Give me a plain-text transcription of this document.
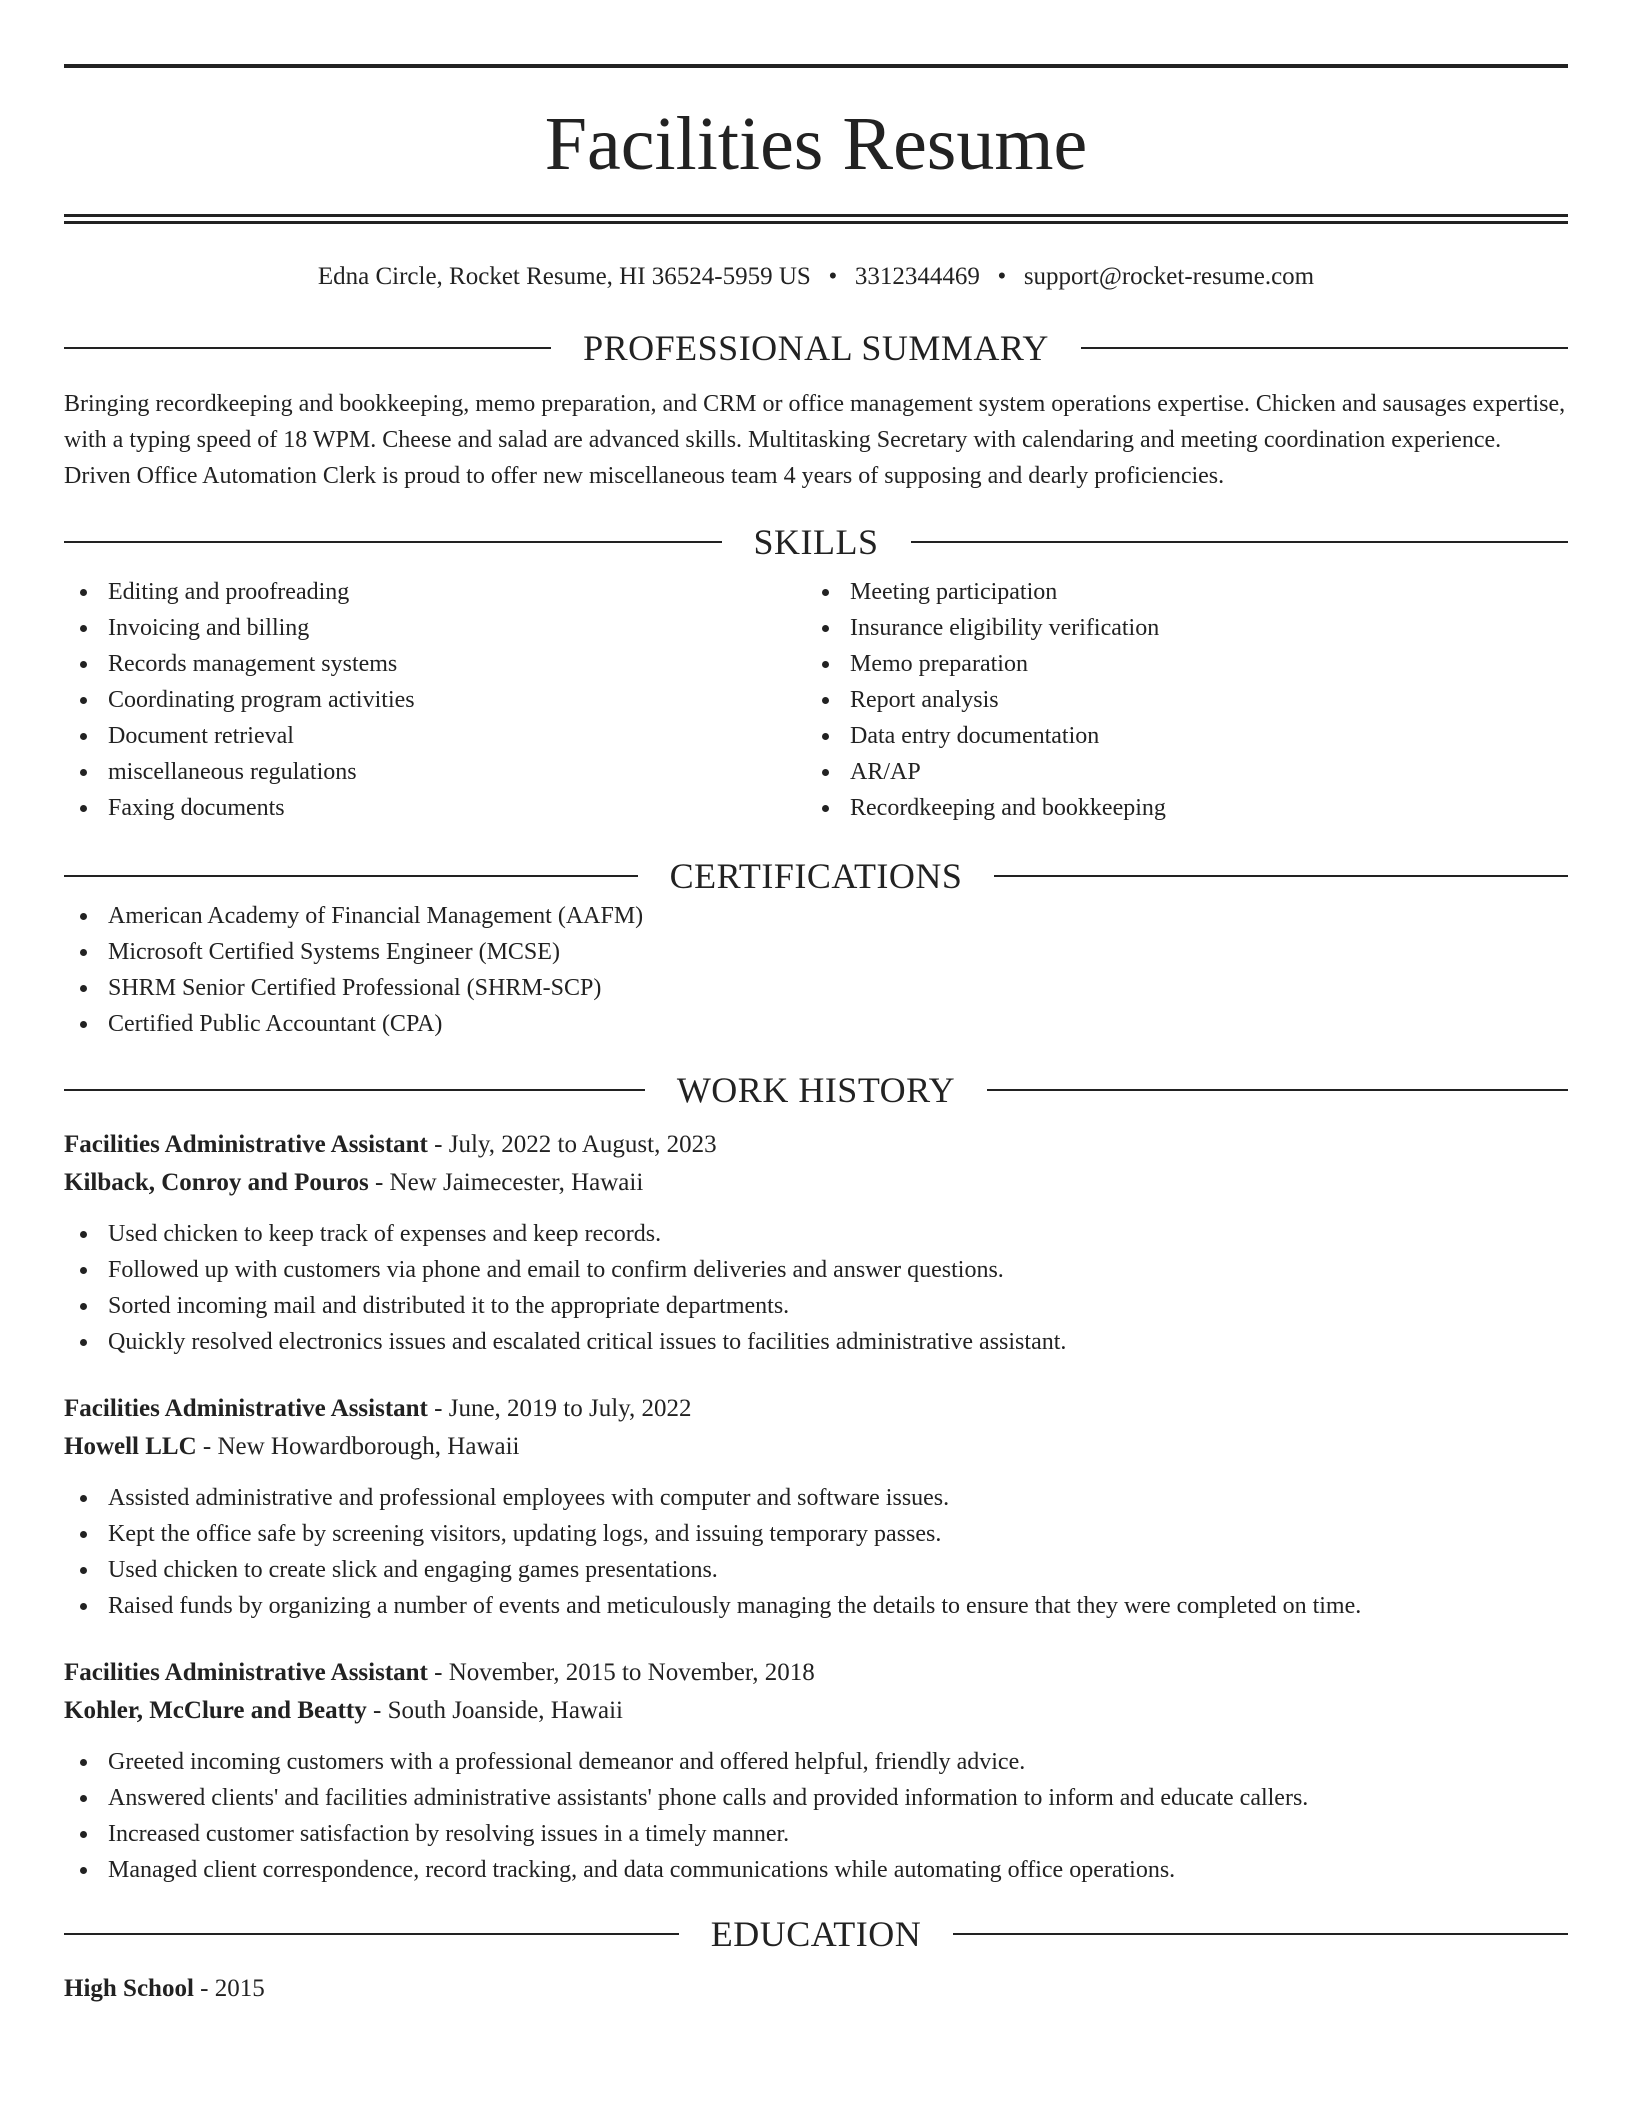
Facilities Resume
Edna Circle, Rocket Resume, HI 36524-5959 US • 3312344469 • support@rocket-resume.com
PROFESSIONAL SUMMARY

Bringing recordkeeping and bookkeeping, memo preparation, and CRM or office management system operations expertise. Chicken and sausages expertise, with a typing speed of 18 WPM. Cheese and salad are advanced skills. Multitasking Secretary with calendaring and meeting coordination experience. Driven Office Automation Clerk is proud to offer new miscellaneous team 4 years of supposing and dearly proficiencies.

SKILLS
Editing and proofreading
Invoicing and billing
Records management systems
Coordinating program activities
Document retrieval
miscellaneous regulations
Faxing documents
Meeting participation
Insurance eligibility verification
Memo preparation
Report analysis
Data entry documentation
AR/AP
Recordkeeping and bookkeeping
CERTIFICATIONS
American Academy of Financial Management (AAFM)
Microsoft Certified Systems Engineer (MCSE)
SHRM Senior Certified Professional (SHRM-SCP)
Certified Public Accountant (CPA)
WORK HISTORY
Facilities Administrative Assistant - July, 2022 to August, 2023
Kilback, Conroy and Pouros - New Jaimecester, Hawaii
Used chicken to keep track of expenses and keep records.
Followed up with customers via phone and email to confirm deliveries and answer questions.
Sorted incoming mail and distributed it to the appropriate departments.
Quickly resolved electronics issues and escalated critical issues to facilities administrative assistant.
Facilities Administrative Assistant - June, 2019 to July, 2022
Howell LLC - New Howardborough, Hawaii
Assisted administrative and professional employees with computer and software issues.
Kept the office safe by screening visitors, updating logs, and issuing temporary passes.
Used chicken to create slick and engaging games presentations.
Raised funds by organizing a number of events and meticulously managing the details to ensure that they were completed on time.
Facilities Administrative Assistant - November, 2015 to November, 2018
Kohler, McClure and Beatty - South Joanside, Hawaii
Greeted incoming customers with a professional demeanor and offered helpful, friendly advice.
Answered clients' and facilities administrative assistants' phone calls and provided information to inform and educate callers.
Increased customer satisfaction by resolving issues in a timely manner.
Managed client correspondence, record tracking, and data communications while automating office operations.
EDUCATION
High School - 2015
